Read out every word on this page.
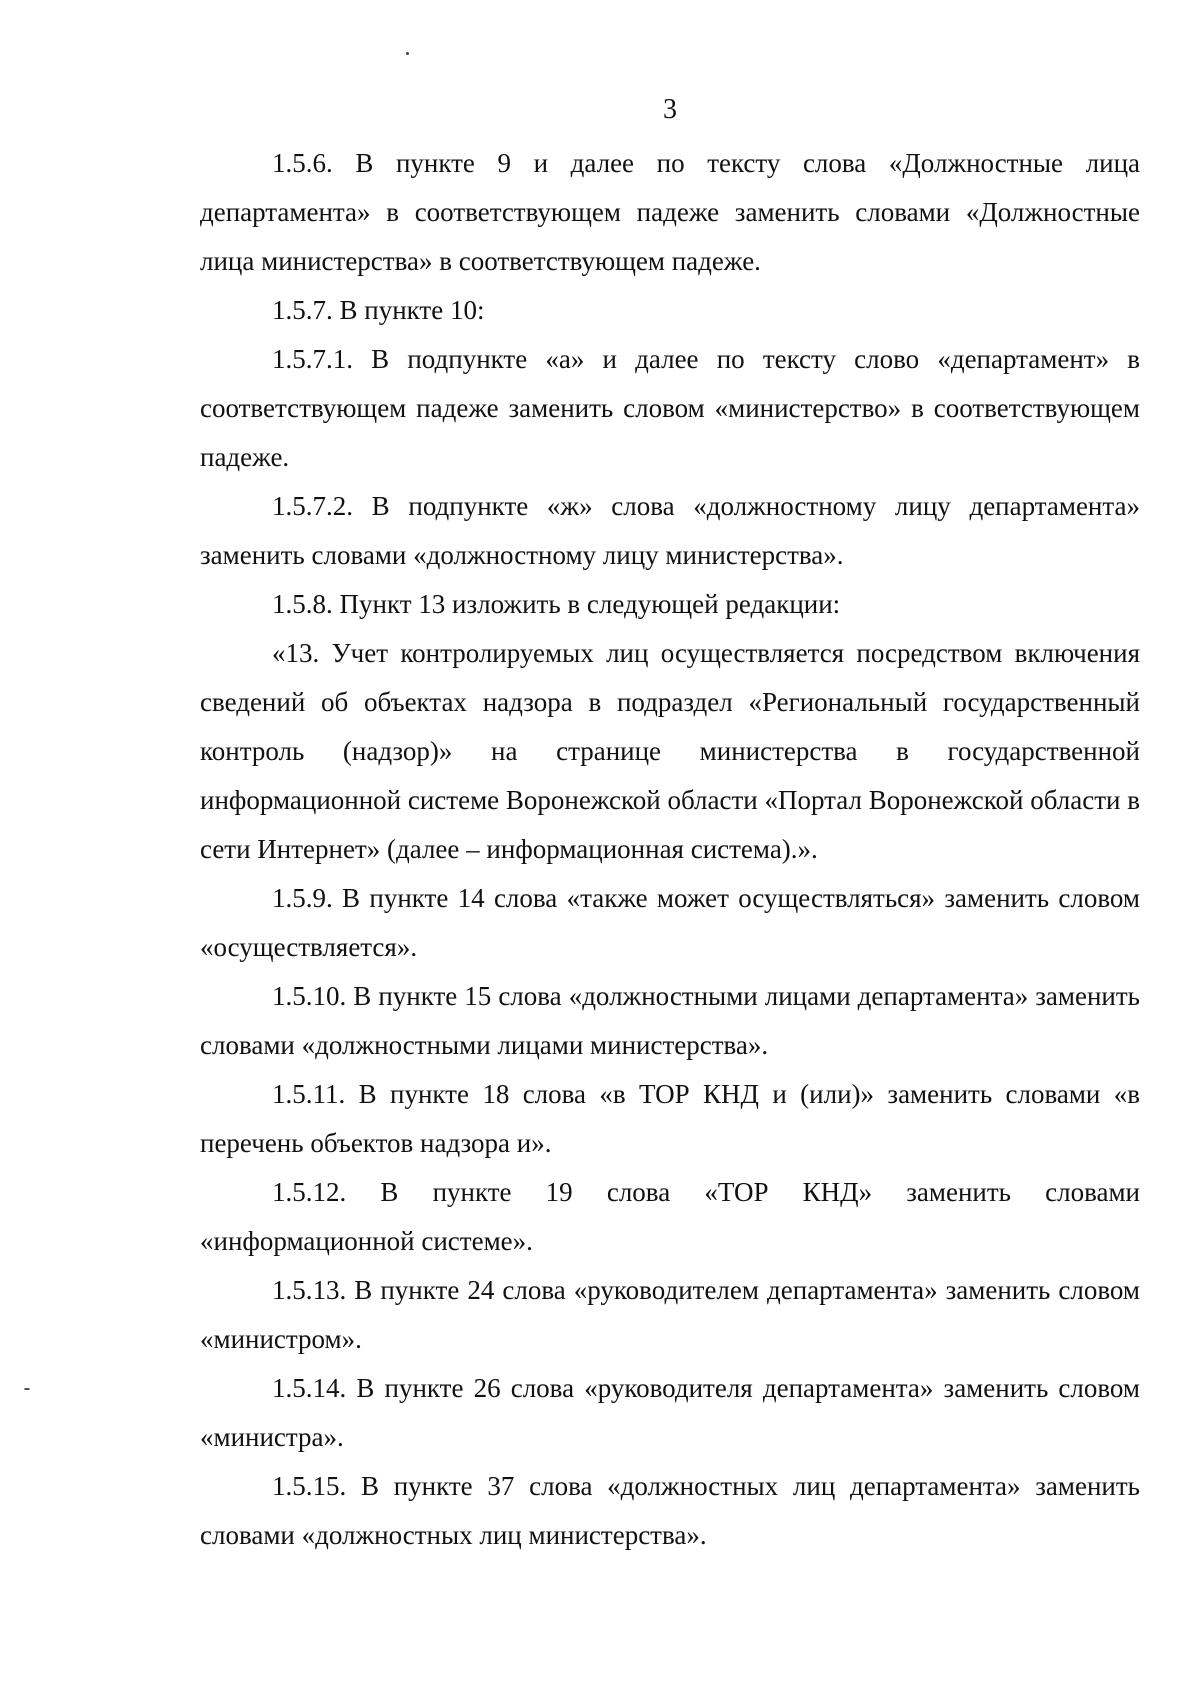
3

1.5.6. В пункте 9 и далее по тексту слова «Должностные лица департамента» в соответствующем падеже заменить словами «Должностные лица министерства» в соответствующем падеже.

1.5.7. В пункте 10:

1.5.7.1. В подпункте «а» и далее по тексту слово «департамент» в соответствующем падеже заменить словом «министерство» в соответствующем падеже.

1.5.7.2. В подпункте «ж» слова «должностному лицу департамента» заменить словами «должностному лицу министерства».

1.5.8. Пункт 13 изложить в следующей редакции:

«13. Учет контролируемых лиц осуществляется посредством включения сведений об объектах надзора в подраздел «Региональный государственный контроль (надзор)» на странице министерства в государственной информационной системе Воронежской области «Портал Воронежской области в сети Интернет» (далее – информационная система).».

1.5.9. В пункте 14 слова «также может осуществляться» заменить словом «осуществляется».

1.5.10. В пункте 15 слова «должностными лицами департамента» заменить словами «должностными лицами министерства».

1.5.11. В пункте 18 слова «в ТОР КНД и (или)» заменить словами «в перечень объектов надзора и».

1.5.12. В пункте 19 слова «ТОР КНД» заменить словами «информационной системе».

1.5.13. В пункте 24 слова «руководителем департамента» заменить словом «министром».

1.5.14. В пункте 26 слова «руководителя департамента» заменить словом «министра».

1.5.15. В пункте 37 слова «должностных лиц департамента» заменить словами «должностных лиц министерства».
